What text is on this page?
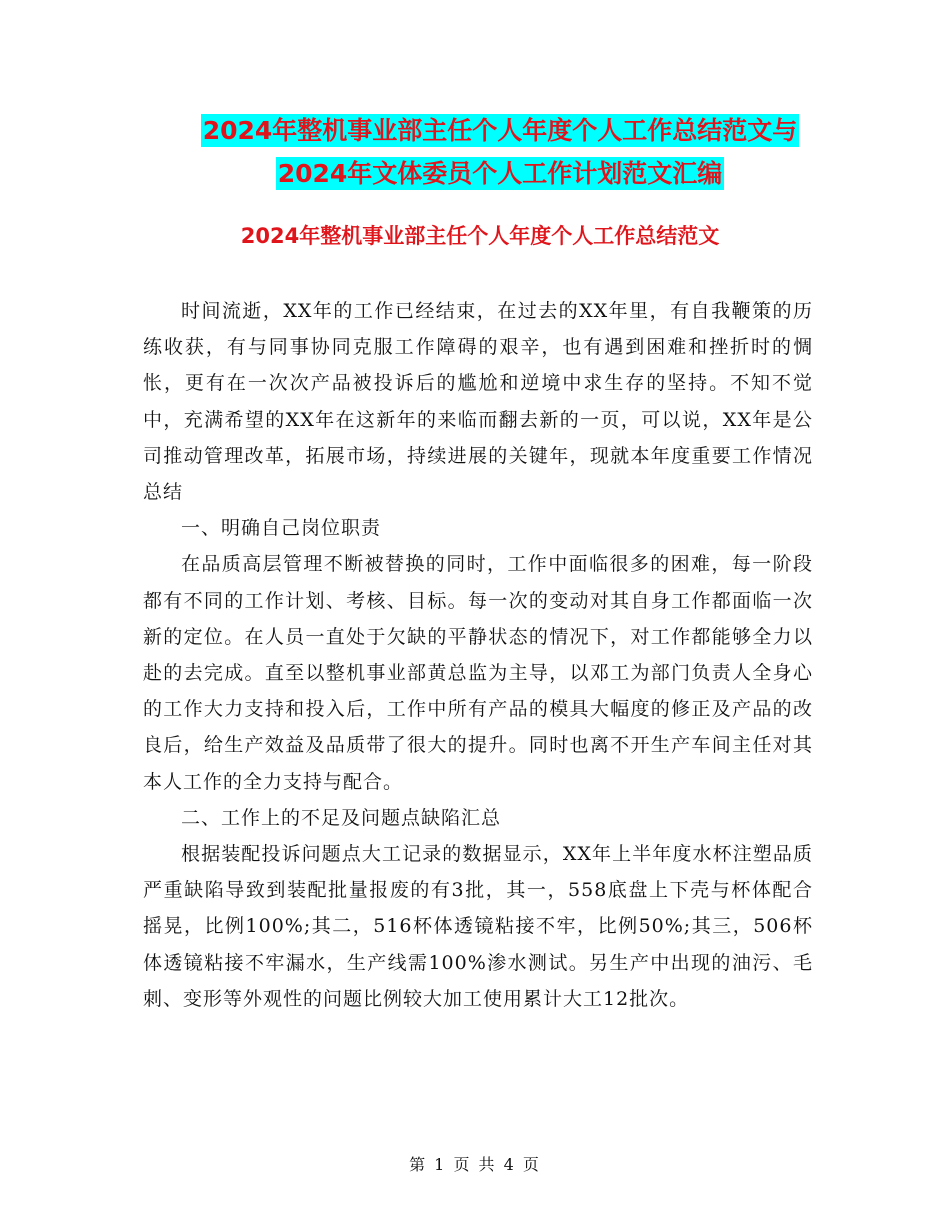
2024年整机事业部主任个人年度个人工作总结范文与
2024年文体委员个人工作计划范文汇编
2024年整机事业部主任个人年度个人工作总结范文

时间流逝，XX年的工作已经结束，在过去的XX年里，有自我鞭策的历练收获，有与同事协同克服工作障碍的艰辛，也有遇到困难和挫折时的惆怅，更有在一次次产品被投诉后的尴尬和逆境中求生存的坚持。不知不觉中，充满希望的XX年在这新年的来临而翻去新的一页，可以说，XX年是公司推动管理改革，拓展市场，持续进展的关键年，现就本年度重要工作情况总结

一、明确自己岗位职责

在品质高层管理不断被替换的同时，工作中面临很多的困难，每一阶段都有不同的工作计划、考核、目标。每一次的变动对其自身工作都面临一次新的定位。在人员一直处于欠缺的平静状态的情况下，对工作都能够全力以赴的去完成。直至以整机事业部黄总监为主导，以邓工为部门负责人全身心的工作大力支持和投入后，工作中所有产品的模具大幅度的修正及产品的改良后，给生产效益及品质带了很大的提升。同时也离不开生产车间主任对其本人工作的全力支持与配合。

二、工作上的不足及问题点缺陷汇总

根据装配投诉问题点大工记录的数据显示，XX年上半年度水杯注塑品质严重缺陷导致到装配批量报废的有3批，其一，558底盘上下壳与杯体配合摇晃，比例100%;其二，516杯体透镜粘接不牢，比例50%;其三，506杯体透镜粘接不牢漏水，生产线需100%渗水测试。另生产中出现的油污、毛刺、变形等外观性的问题比例较大加工使用累计大工12批次。

第 1 页 共 4 页
